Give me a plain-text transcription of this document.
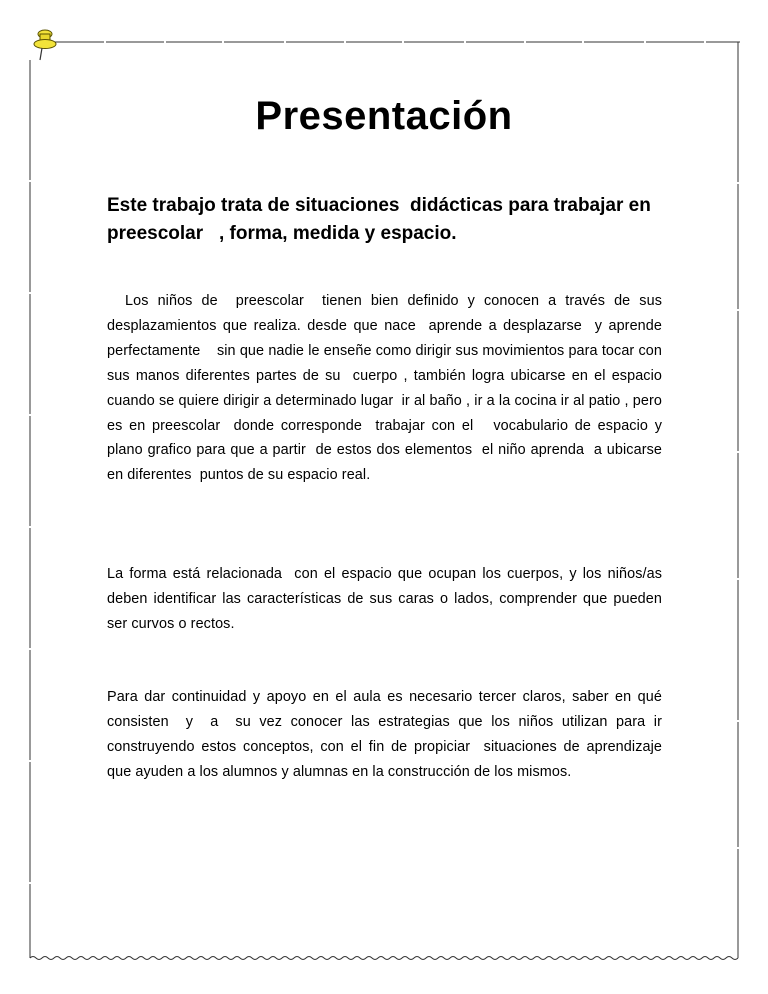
Presentación

Este trabajo trata de situaciones  didácticas para trabajar en preescolar   , forma, medida y espacio.

Los niños de  preescolar  tienen bien definido y conocen a través de sus desplazamientos que realiza. desde que nace  aprende a desplazarse  y aprende perfectamente    sin que nadie le enseñe como dirigir sus movimientos para tocar con sus manos diferentes partes de su  cuerpo , también logra ubicarse en el espacio   cuando se quiere dirigir a determinado lugar  ir al baño , ir a la cocina ir al patio , pero es en preescolar  donde corresponde  trabajar con el   vocabulario de espacio y plano grafico para que a partir  de estos dos elementos  el niño aprenda  a ubicarse  en diferentes  puntos de su espacio real.

La forma está relacionada  con el espacio que ocupan los cuerpos, y los niños/as deben identificar las características de sus caras o lados, comprender que pueden ser curvos o rectos.

Para dar continuidad y apoyo en el aula es necesario tercer claros, saber en qué consisten  y  a  su vez conocer las estrategias que los niños utilizan para ir construyendo estos conceptos, con el fin de propiciar  situaciones de aprendizaje  que ayuden a los alumnos y alumnas en la construcción de los mismos.
